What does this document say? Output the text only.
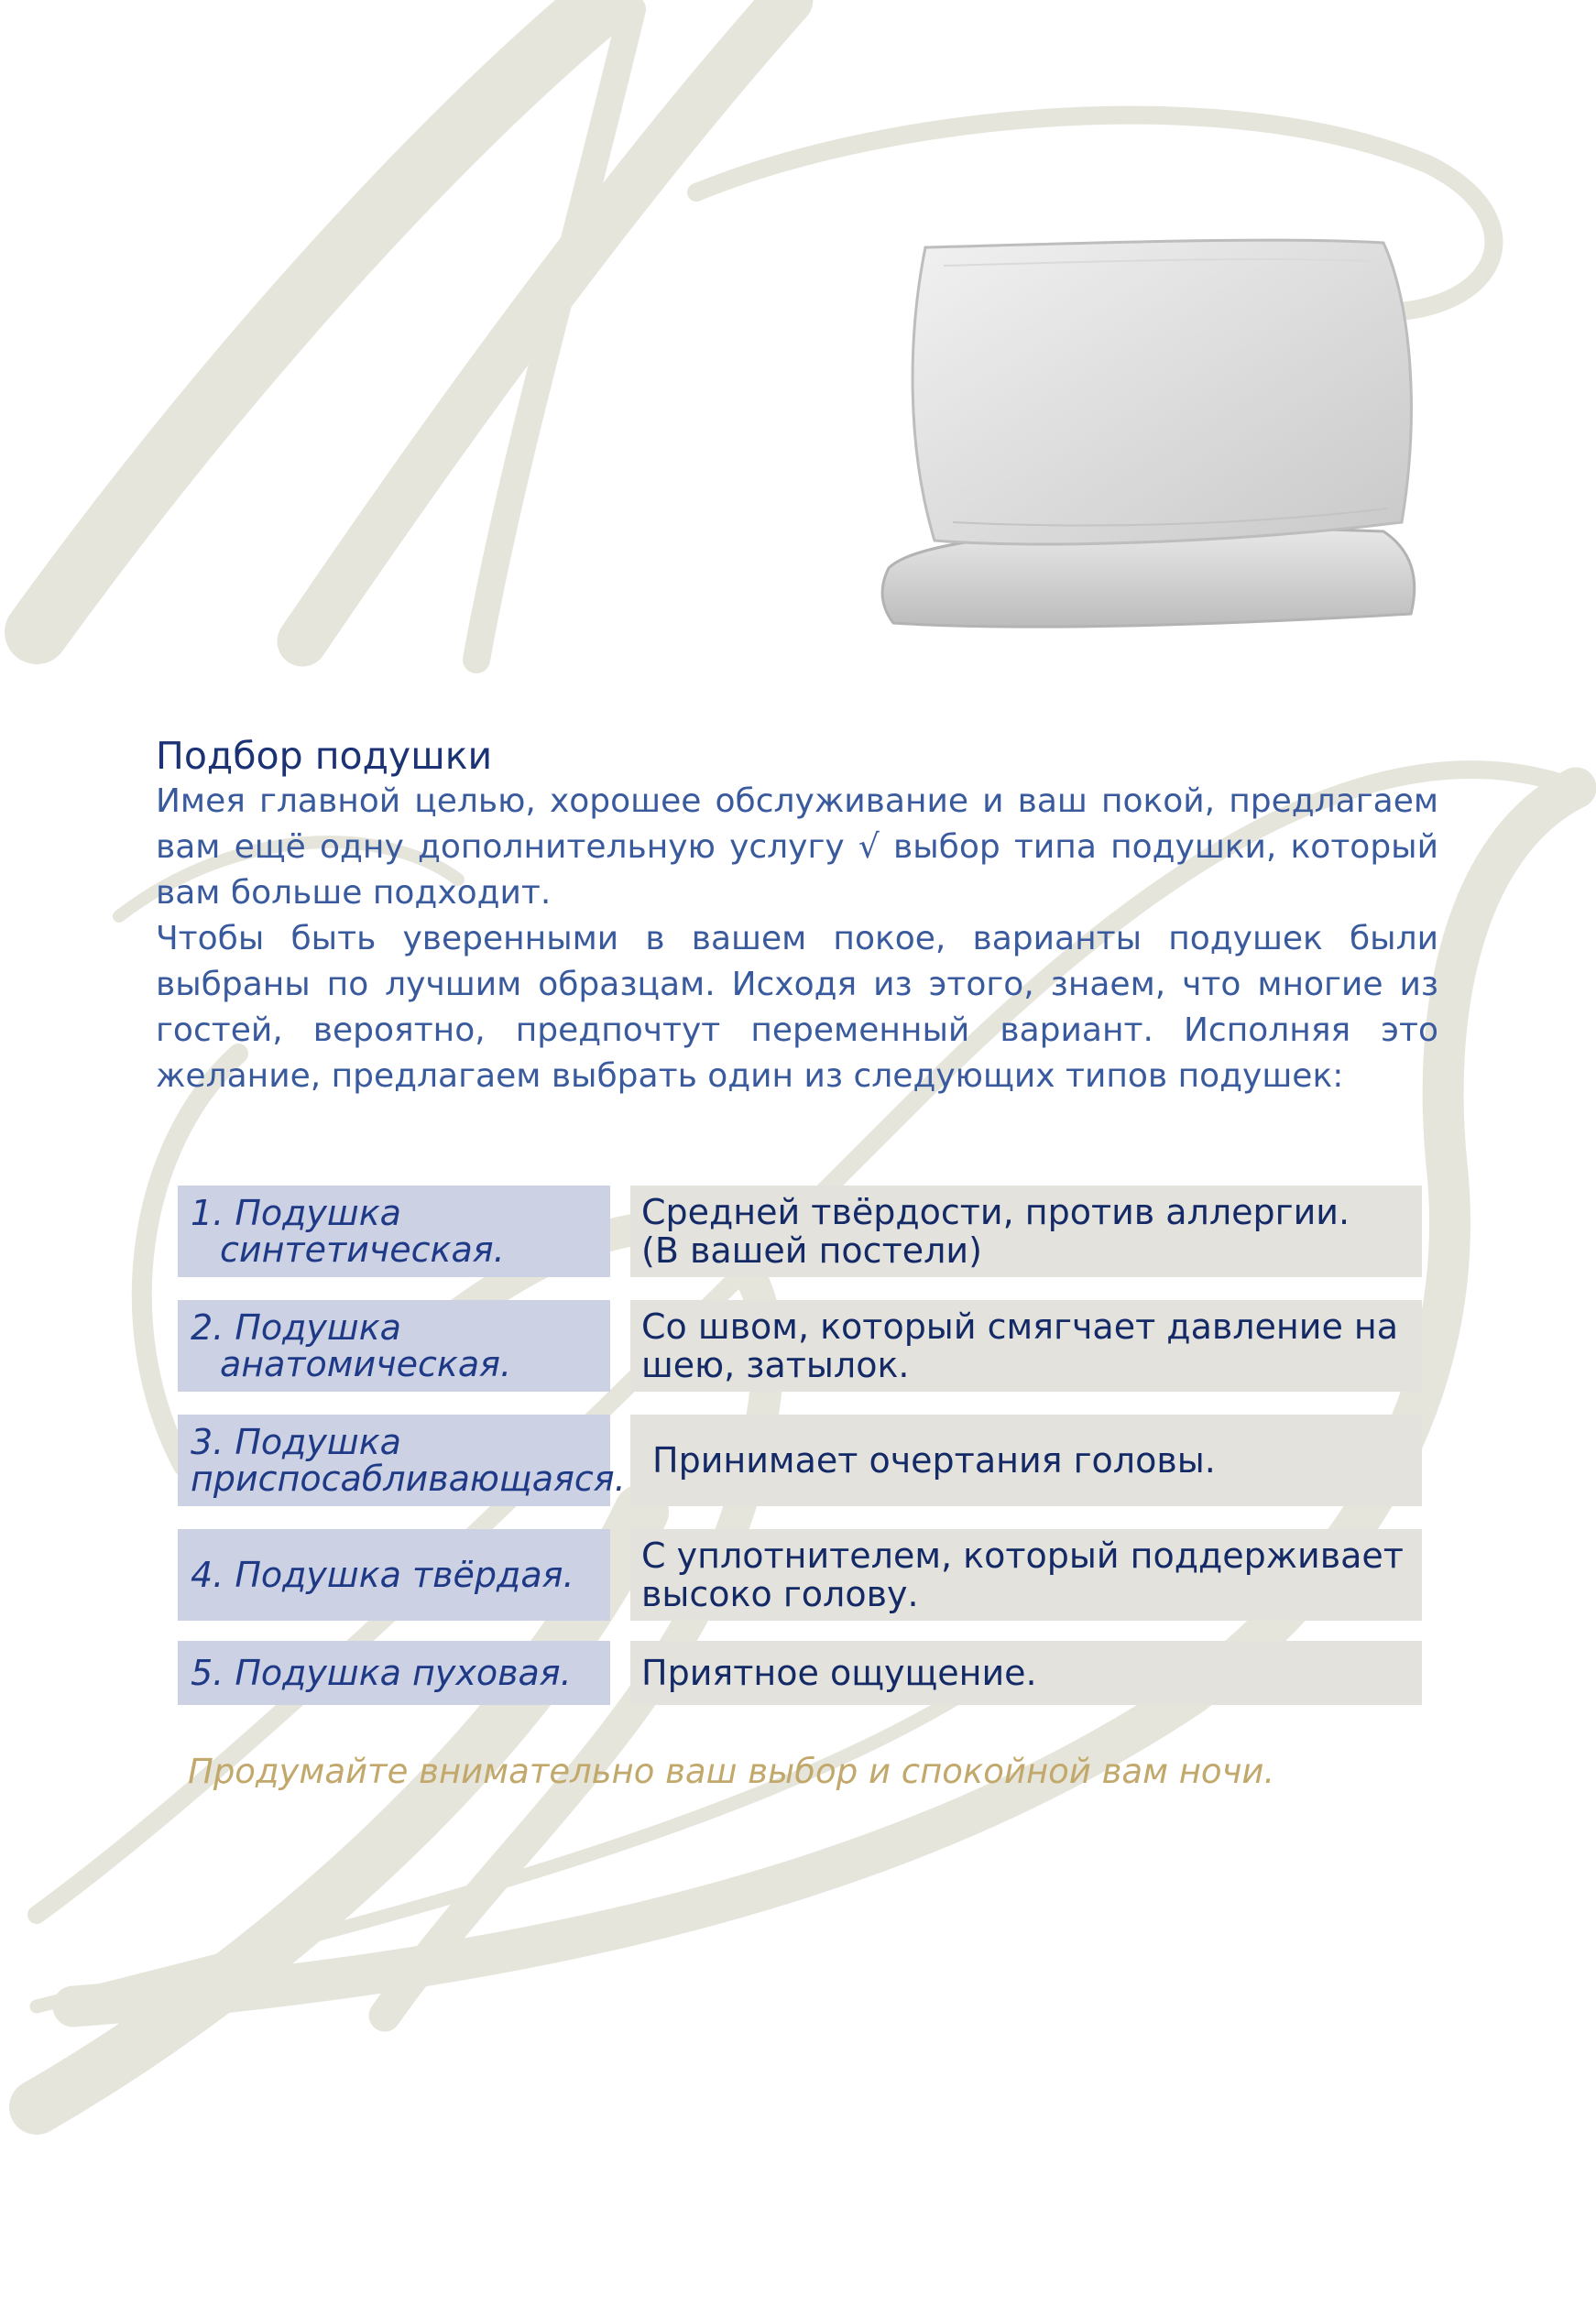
Подбор подушки

Имея главной целью, хорошее обслуживание и ваш покой, предлагаем вам ещё одну дополнительную услугу √ выбор типа подушки, который вам больше подходит.

Чтобы быть уверенными в вашем покое, варианты подушек были выбраны по лучшим образцам. Исходя из этого, знаем, что многие из гостей, вероятно, предпочтут переменный вариант. Исполняя это желание, предлагаем выбрать один из следующих типов подушек:

1. Подушка
синтетическая.
Средней твёрдости, против аллергии.
(В вашей постели)
2. Подушка
анатомическая.
Со швом, который смягчает давление на
шею, затылок.
3. Подушка
приспосабливающаяся. Принимает очертания головы.
4. Подушка твёрдая.	С уплотнителем, который поддерживает
высоко голову.
5. Подушка пуховая.	Приятное ощущение.
Продумайте внимательно ваш выбор и спокойной вам ночи.
